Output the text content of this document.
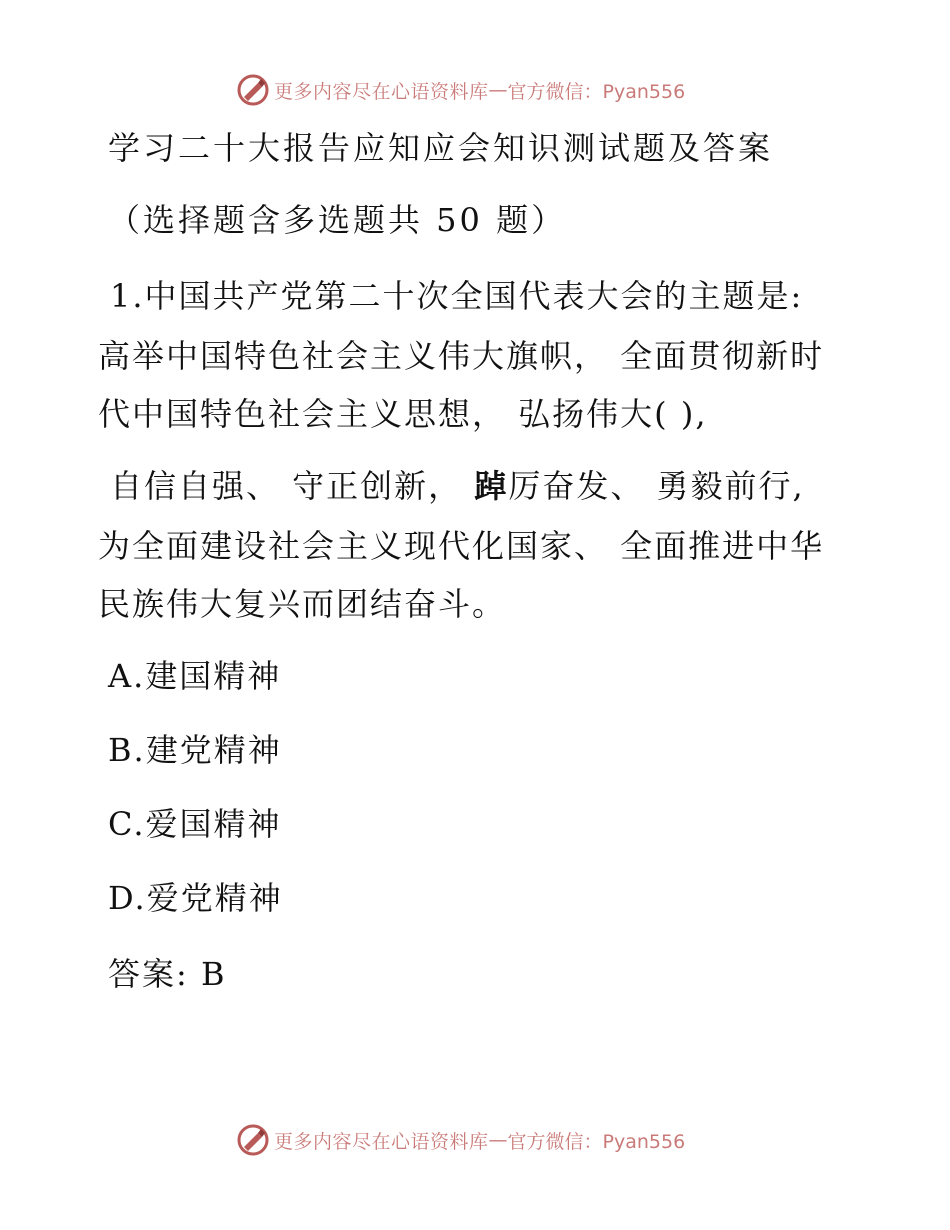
更多内容尽在心语资料库 — 官方微信：Pyan556
学习二十大报告应知应会知识测试题及答案
（选择题含多选题共 50 题）
1.中国共产党第二十次全国代表大会的主题是:
高举中国特色社会主义伟大旗帜， 全面贯彻新时
代中国特色社会主义思想， 弘扬伟大( ),
自信自强、 守正创新， 踔厉奋发、 勇毅前行,
为全面建设社会主义现代化国家、 全面推进中华
民族伟大复兴而团结奋斗。
A.建国精神
B.建党精神
C.爱国精神
D.爱党精神
答案: B
更多内容尽在心语资料库 — 官方微信：Pyan556
